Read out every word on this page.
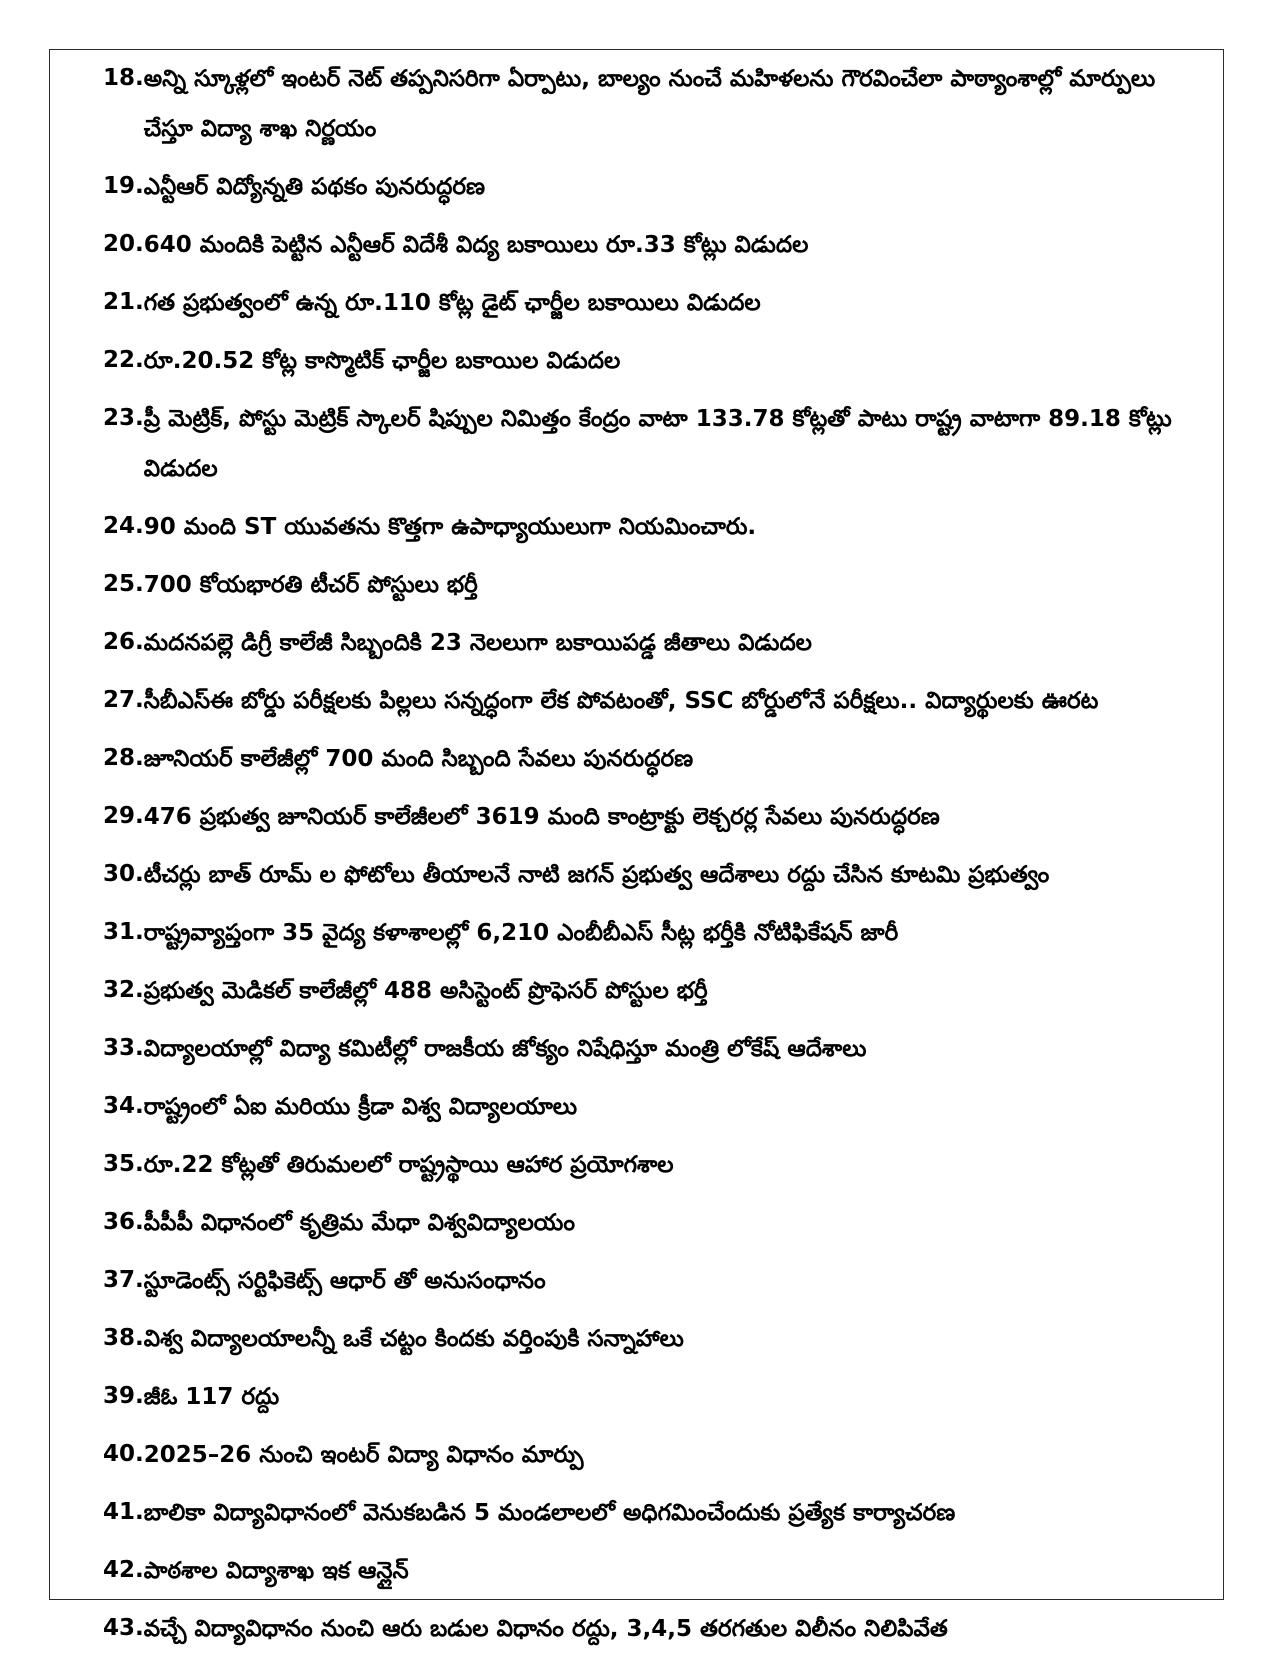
18. అన్ని స్కూళ్లలో ఇంటర్ నెట్ తప్పనిసరిగా ఏర్పాటు, బాల్యం నుంచే మహిళలను గౌరవించేలా పాఠ్యాంశాల్లో మార్పులు చేస్తూ విద్యా శాఖ నిర్ణయం
19. ఎన్టీఆర్ విద్యోన్నతి పథకం పునరుద్ధరణ
20. 640 మందికి పెట్టిన ఎన్టీఆర్ విదేశీ విద్య బకాయిలు రూ.33 కోట్లు విడుదల
21. గత ప్రభుత్వంలో ఉన్న రూ.110 కోట్ల డైట్ ఛార్జీల బకాయిలు విడుదల
22. రూ.20.52 కోట్ల కాస్మొటిక్ ఛార్జీల బకాయిల విడుదల
23. ప్రీ మెట్రిక్, పోస్టు మెట్రిక్ స్కాలర్ షిప్పుల నిమిత్తం కేంద్రం వాటా 133.78 కోట్లతో పాటు రాష్ట్ర వాటాగా 89.18 కోట్లు విడుదల
24. 90 మంది ST యువతను కొత్తగా ఉపాధ్యాయులుగా నియమించారు.
25. 700 కోయభారతి టీచర్ పోస్టులు భర్తీ
26. మదనపల్లె డిగ్రీ కాలేజీ సిబ్బందికి 23 నెలలుగా బకాయిపడ్డ జీతాలు విడుదల
27. సీబీఎస్ఈ బోర్డు పరీక్షలకు పిల్లలు సన్నద్ధంగా లేక పోవటంతో, SSC బోర్డులోనే పరీక్షలు.. విద్యార్థులకు ఊరట
28. జూనియర్ కాలేజీల్లో 700 మంది సిబ్బంది సేవలు పునరుద్ధరణ
29. 476 ప్రభుత్వ జూనియర్ కాలేజీలలో 3619 మంది కాంట్రాక్టు లెక్చరర్ల సేవలు పునరుద్ధరణ
30. టీచర్లు బాత్ రూమ్ ల ఫోటోలు తీయాలనే నాటి జగన్ ప్రభుత్వ ఆదేశాలు రద్దు చేసిన కూటమి ప్రభుత్వం
31. రాష్ట్రవ్యాప్తంగా 35 వైద్య కళాశాలల్లో 6,210 ఎంబీబీఎస్ సీట్ల భర్తీకి నోటిఫికేషన్ జారీ
32. ప్రభుత్వ మెడికల్ కాలేజీల్లో 488 అసిస్టెంట్ ప్రొఫెసర్ పోస్టుల భర్తీ
33. విద్యాలయాల్లో విద్యా కమిటీల్లో రాజకీయ జోక్యం నిషేధిస్తూ మంత్రి లోకేష్ ఆదేశాలు
34. రాష్ట్రంలో ఏఐ మరియు క్రీడా విశ్వ విద్యాలయాలు
35. రూ.22 కోట్లతో తిరుమలలో రాష్ట్రస్థాయి ఆహార ప్రయోగశాల
36. పీపీపీ విధానంలో కృత్రిమ మేధా విశ్వవిద్యాలయం
37. స్టూడెంట్స్ సర్టిఫికెట్స్ ఆధార్ తో అనుసంధానం
38. విశ్వ విద్యాలయాలన్నీ ఒకే చట్టం కిందకు వర్తింపుకి సన్నాహాలు
39. జీఓ 117 రద్దు
40. 2025–26 నుంచి ఇంటర్ విద్యా విధానం మార్పు
41. బాలికా విద్యావిధానంలో వెనుకబడిన 5 మండలాలలో అధిగమించేందుకు ప్రత్యేక కార్యాచరణ
42. పాఠశాల విద్యాశాఖ ఇక ఆన్లైన్
43. వచ్చే విద్యావిధానం నుంచి ఆరు బడుల విధానం రద్దు, 3,4,5 తరగతుల విలీనం నిలిపివేత
